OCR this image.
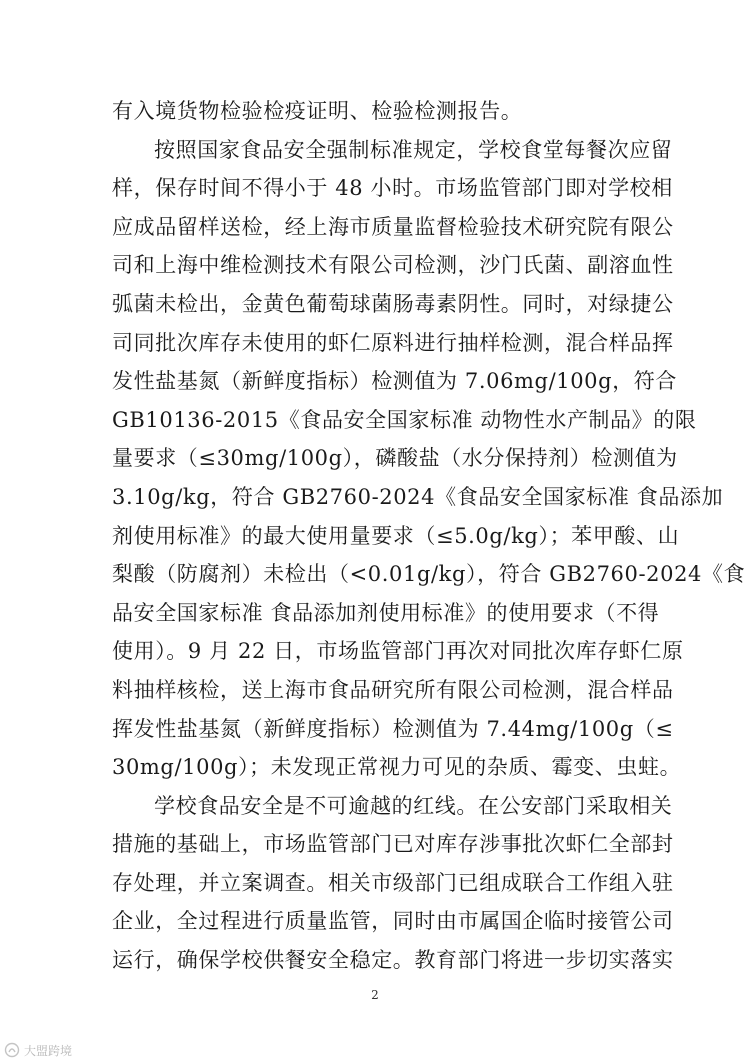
有入境货物检验检疫证明、检验检测报告。
按照国家食品安全强制标准规定，学校食堂每餐次应留
样，保存时间不得小于 48 小时。市场监管部门即对学校相
应成品留样送检，经上海市质量监督检验技术研究院有限公
司和上海中维检测技术有限公司检测，沙门氏菌、副溶血性
弧菌未检出，金黄色葡萄球菌肠毒素阴性。同时，对绿捷公
司同批次库存未使用的虾仁原料进行抽样检测，混合样品挥
发性盐基氮（新鲜度指标）检测值为 7.06mg/100g，符合
GB10136-2015《食品安全国家标准 动物性水产制品》的限
量要求（≤30mg/100g），磷酸盐（水分保持剂）检测值为
3.10g/kg，符合 GB2760-2024《食品安全国家标准 食品添加
剂使用标准》的最大使用量要求（≤5.0g/kg）；苯甲酸、山
梨酸（防腐剂）未检出（<0.01g/kg），符合 GB2760-2024《食
品安全国家标准 食品添加剂使用标准》的使用要求（不得
使用）。9 月 22 日，市场监管部门再次对同批次库存虾仁原
料抽样核检，送上海市食品研究所有限公司检测，混合样品
挥发性盐基氮（新鲜度指标）检测值为 7.44mg/100g（≤
30mg/100g）；未发现正常视力可见的杂质、霉变、虫蛀。
学校食品安全是不可逾越的红线。在公安部门采取相关
措施的基础上，市场监管部门已对库存涉事批次虾仁全部封
存处理，并立案调查。相关市级部门已组成联合工作组入驻
企业，全过程进行质量监管，同时由市属国企临时接管公司
运行，确保学校供餐安全稳定。教育部门将进一步切实落实
2
大盟跨境
